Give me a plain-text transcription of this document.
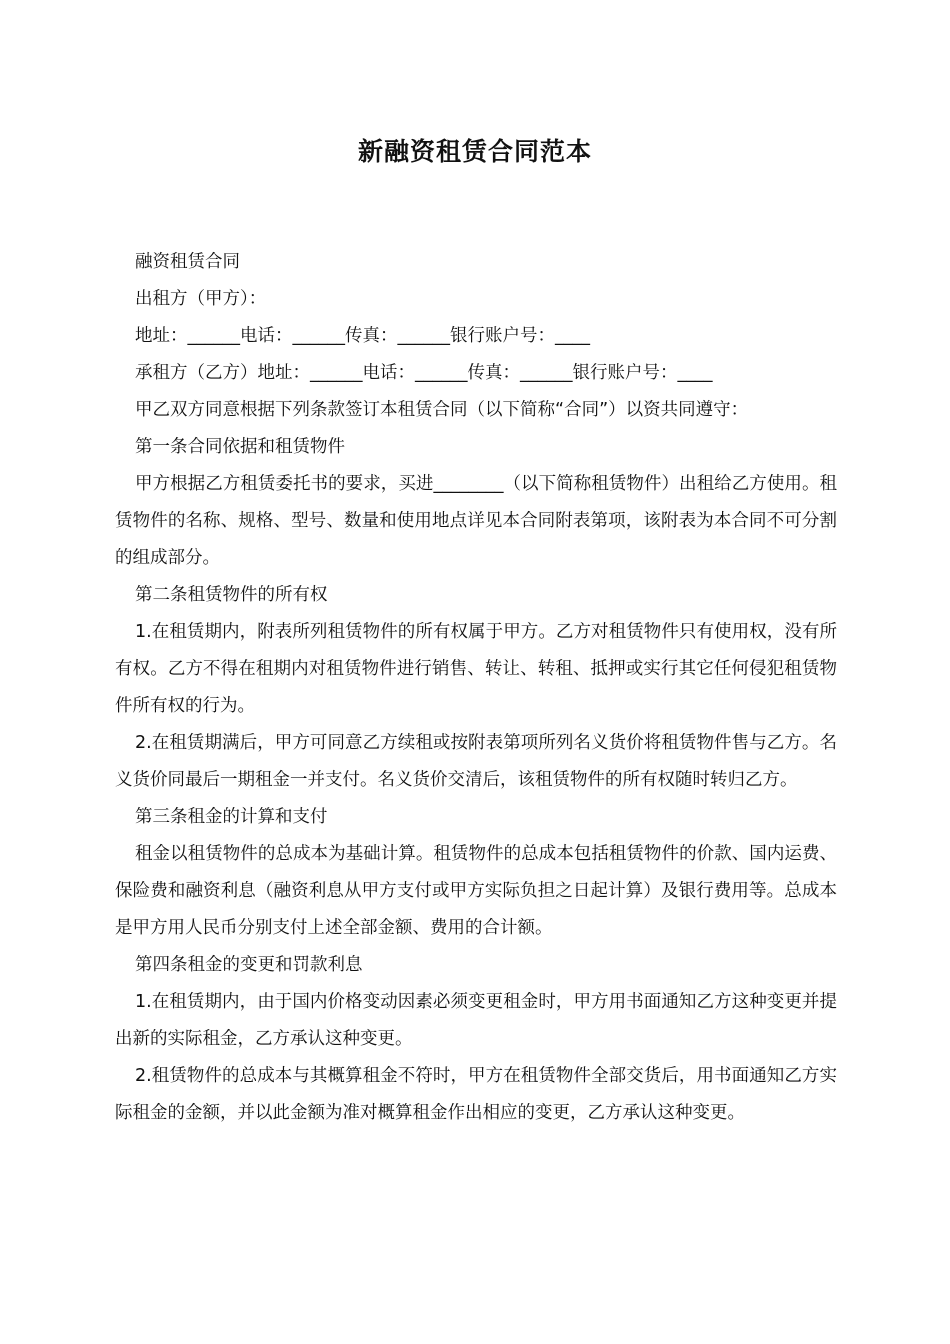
新融资租赁合同范本

融资租赁合同

出租方（甲方）：

地址：______电话：______传真：______银行账户号：____

承租方（乙方）地址：______电话：______传真：______银行账户号：____

甲乙双方同意根据下列条款签订本租赁合同（以下简称“合同”）以资共同遵守：

第一条合同依据和租赁物件

甲方根据乙方租赁委托书的要求，买进________（以下简称租赁物件）出租给乙方使用。租赁物件的名称、规格、型号、数量和使用地点详见本合同附表第项，该附表为本合同不可分割的组成部分。

第二条租赁物件的所有权

1.在租赁期内，附表所列租赁物件的所有权属于甲方。乙方对租赁物件只有使用权，没有所有权。乙方不得在租期内对租赁物件进行销售、转让、转租、抵押或实行其它任何侵犯租赁物件所有权的行为。

2.在租赁期满后，甲方可同意乙方续租或按附表第项所列名义货价将租赁物件售与乙方。名义货价同最后一期租金一并支付。名义货价交清后，该租赁物件的所有权随时转归乙方。

第三条租金的计算和支付

租金以租赁物件的总成本为基础计算。租赁物件的总成本包括租赁物件的价款、国内运费、保险费和融资利息（融资利息从甲方支付或甲方实际负担之日起计算）及银行费用等。总成本是甲方用人民币分别支付上述全部金额、费用的合计额。

第四条租金的变更和罚款利息

1.在租赁期内，由于国内价格变动因素必须变更租金时，甲方用书面通知乙方这种变更并提出新的实际租金，乙方承认这种变更。

2.租赁物件的总成本与其概算租金不符时，甲方在租赁物件全部交货后，用书面通知乙方实际租金的金额，并以此金额为准对概算租金作出相应的变更，乙方承认这种变更。
